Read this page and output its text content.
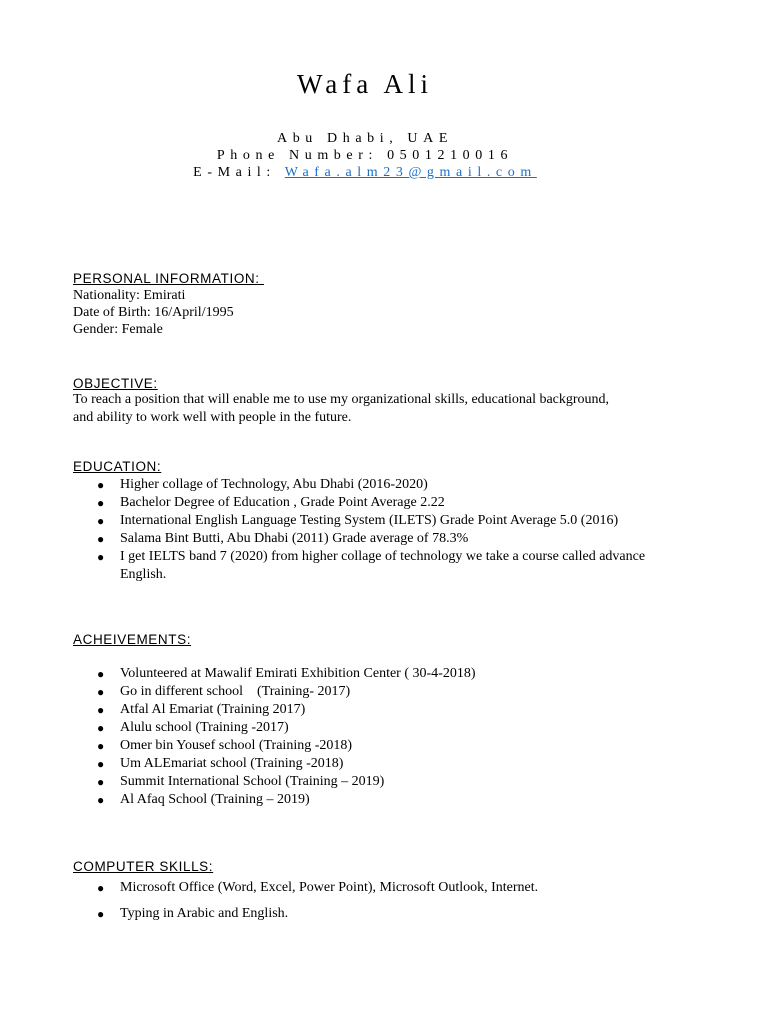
Wafa Ali
Abu Dhabi, UAE
Phone Number: 0501210016
E-Mail: Wafa.alm23@gmail.com
PERSONAL INFORMATION:
Nationality: Emirati
Date of Birth: 16/April/1995
Gender: Female
OBJECTIVE:
To reach a position that will enable me to use my organizational skills, educational background, and ability to work well with people in the future.
EDUCATION:
● Higher collage of Technology, Abu Dhabi (2016-2020)
● Bachelor Degree of Education , Grade Point Average 2.22
● International English Language Testing System (ILETS) Grade Point Average 5.0 (2016)
● Salama Bint Butti, Abu Dhabi (2011) Grade average of 78.3%
● I get IELTS band 7 (2020) from higher collage of technology we take a course called advance English.
ACHEIVEMENTS:
● Volunteered at Mawalif Emirati Exhibition Center ( 30-4-2018)
● Go in different school    (Training- 2017)
● Atfal Al Emariat (Training 2017)
● Alulu school (Training -2017)
● Omer bin Yousef school (Training -2018)
● Um ALEmariat school (Training -2018)
● Summit International School (Training – 2019)
● Al Afaq School (Training – 2019)
COMPUTER SKILLS:
● Microsoft Office (Word, Excel, Power Point), Microsoft Outlook, Internet.
● Typing in Arabic and English.
